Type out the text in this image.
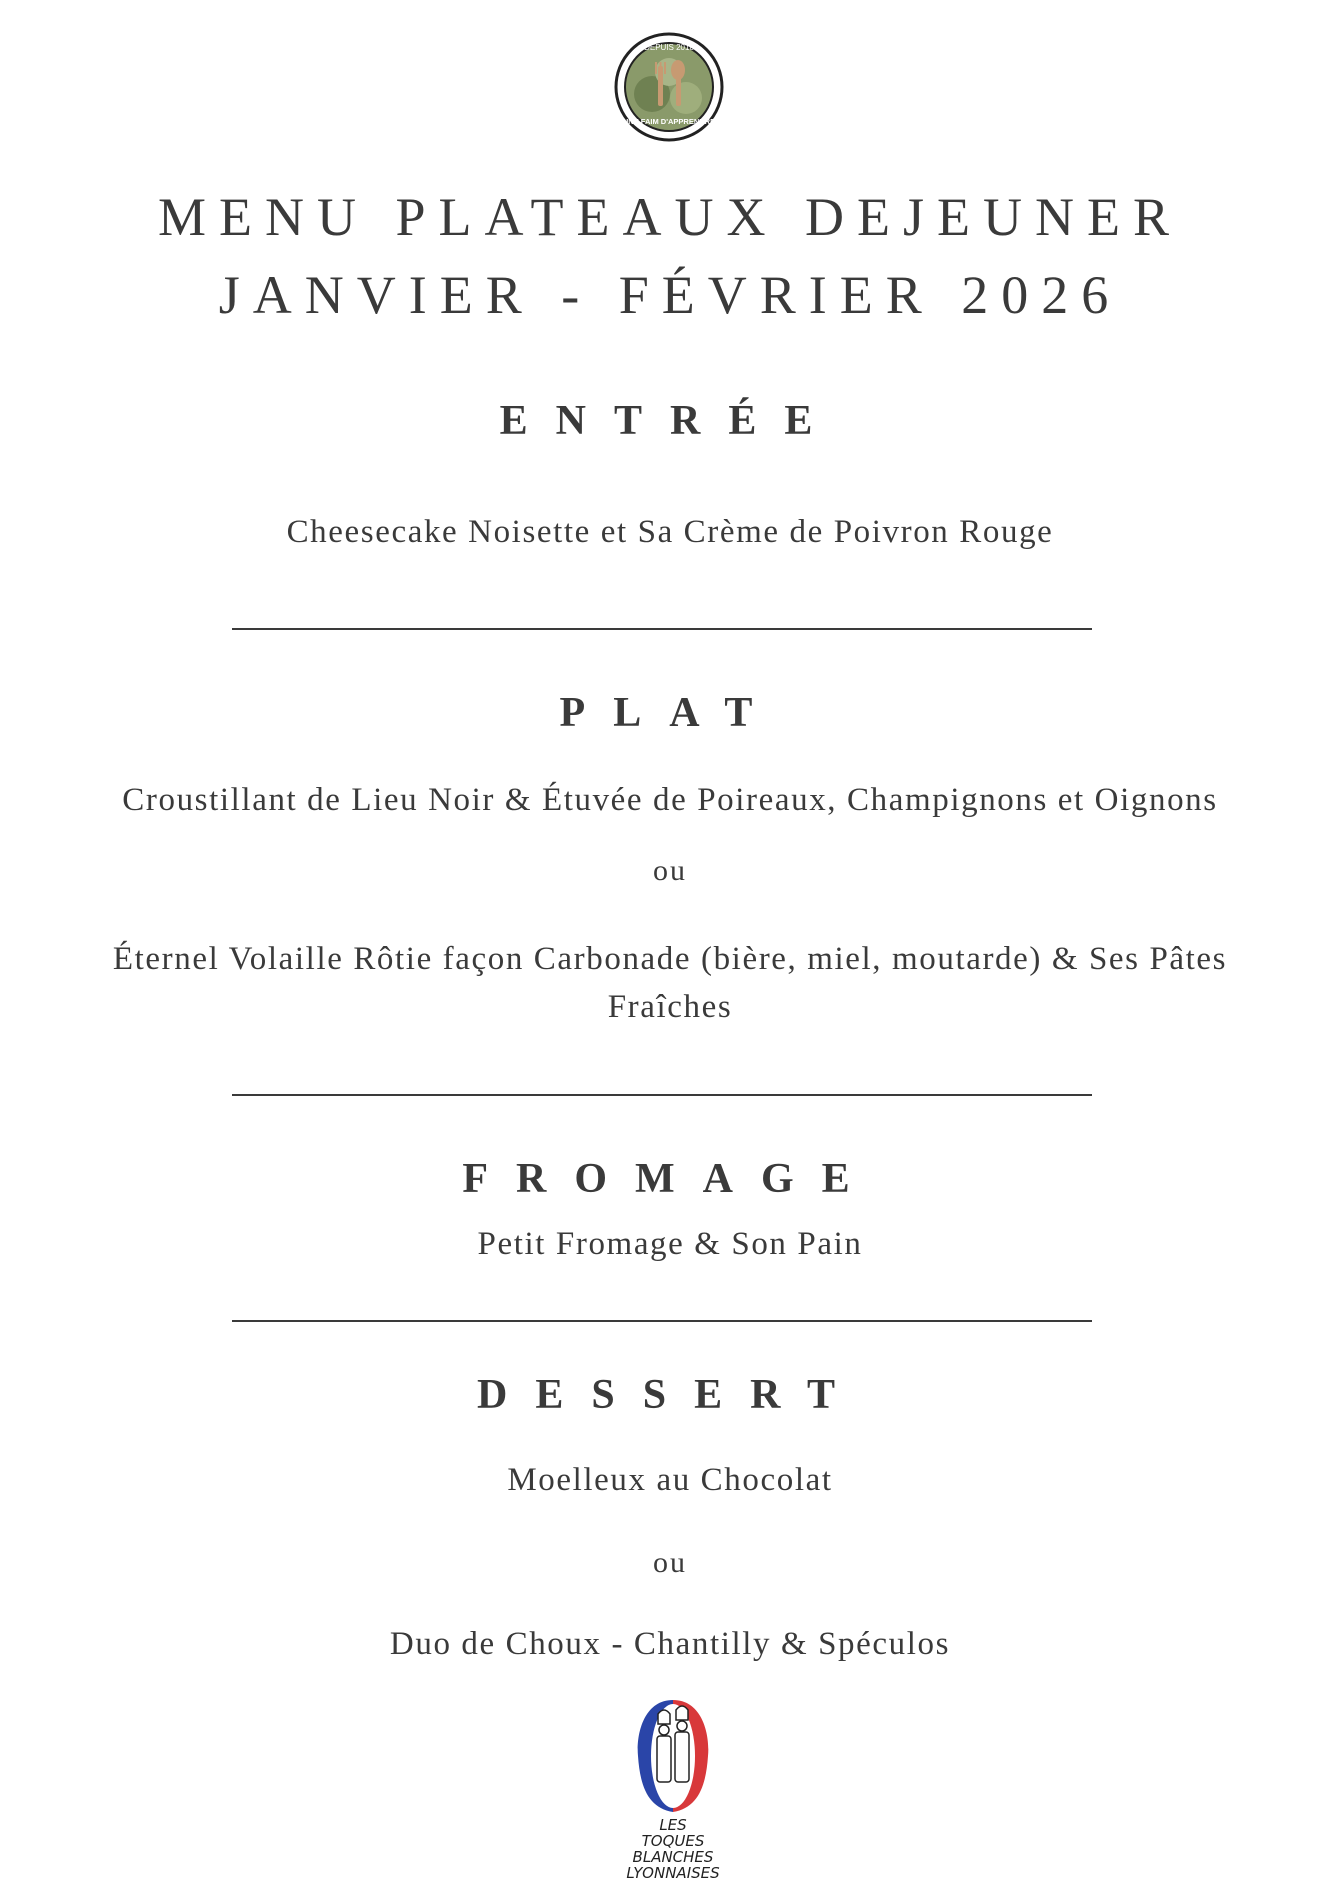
DEPUIS 2018
UNE FAIM D'APPRENDRE
MENU PLATEAUX DEJEUNER
JANVIER - FÉVRIER 2026
ENTRÉE
Cheesecake Noisette et Sa Crème de Poivron Rouge
PLAT
Croustillant de Lieu Noir & Étuvée de Poireaux, Champignons et Oignons
ou
Éternel Volaille Rôtie façon Carbonade (bière, miel, moutarde) & Ses Pâtes
Fraîches
FROMAGE
Petit Fromage & Son Pain
DESSERT
Moelleux au Chocolat
ou
Duo de Choux - Chantilly & Spéculos
LES
TOQUES
BLANCHES
LYONNAISES
